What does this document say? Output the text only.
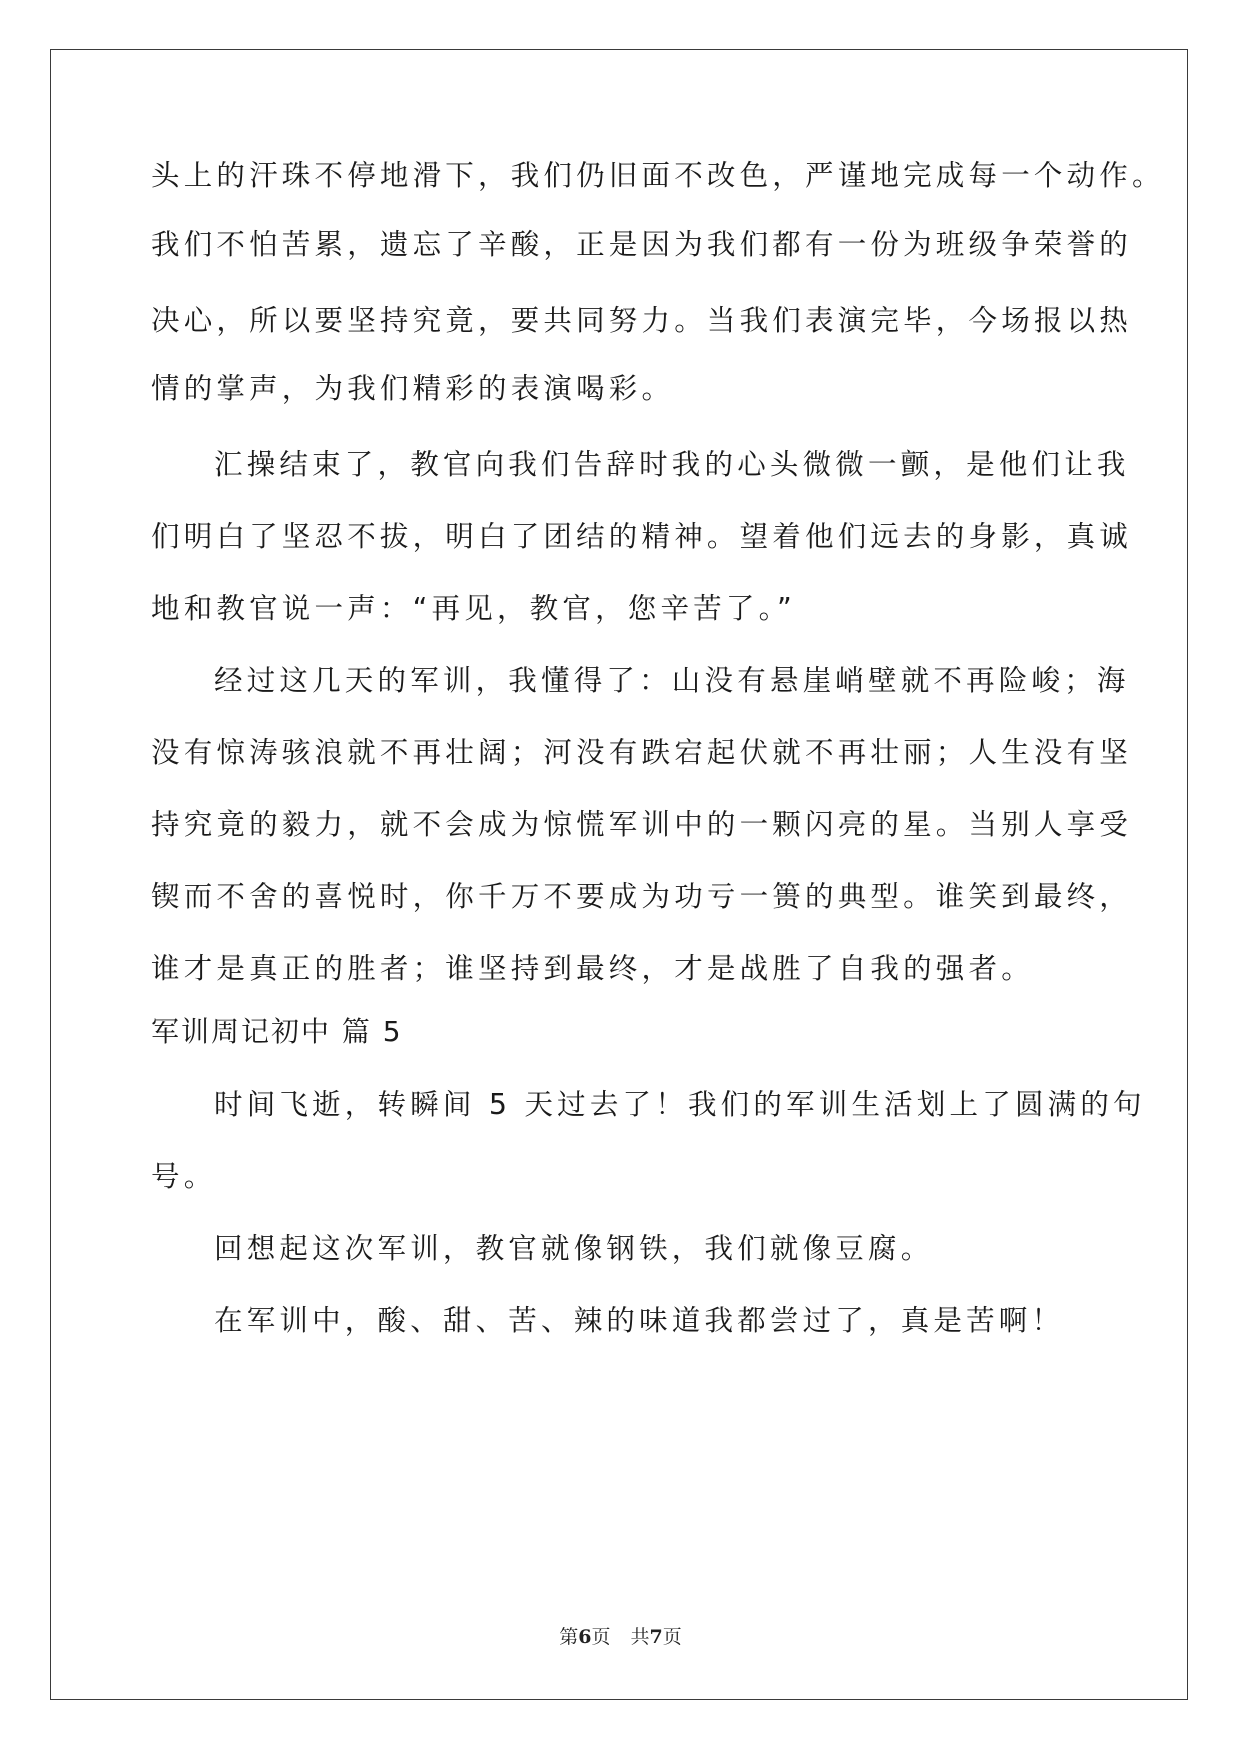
头上的汗珠不停地滑下，我们仍旧面不改色，严谨地完成每一个动作。
我们不怕苦累，遗忘了辛酸，正是因为我们都有一份为班级争荣誉的
决心，所以要坚持究竟，要共同努力。当我们表演完毕，今场报以热
情的掌声，为我们精彩的表演喝彩。
汇操结束了，教官向我们告辞时我的心头微微一颤，是他们让我
们明白了坚忍不拔，明白了团结的精神。望着他们远去的身影，真诚
地和教官说一声：“再见，教官，您辛苦了。”
经过这几天的军训，我懂得了：山没有悬崖峭壁就不再险峻；海
没有惊涛骇浪就不再壮阔；河没有跌宕起伏就不再壮丽；人生没有坚
持究竟的毅力，就不会成为惊慌军训中的一颗闪亮的星。当别人享受
锲而不舍的喜悦时，你千万不要成为功亏一篑的典型。谁笑到最终，
谁才是真正的胜者；谁坚持到最终，才是战胜了自我的强者。
军训周记初中 篇 5
时间飞逝，转瞬间 5 天过去了！我们的军训生活划上了圆满的句
号。
回想起这次军训，教官就像钢铁，我们就像豆腐。
在军训中，酸、甜、苦、辣的味道我都尝过了，真是苦啊！
第6页 共7页
